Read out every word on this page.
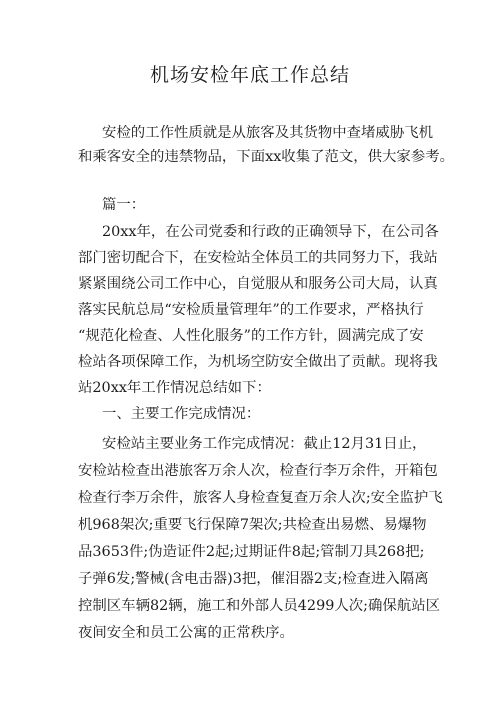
机场安检年底工作总结
安检的工作性质就是从旅客及其货物中查堵威胁飞机
和乘客安全的违禁物品，下面xx收集了范文，供大家参考。
篇一：
20xx年，在公司党委和行政的正确领导下，在公司各
部门密切配合下，在安检站全体员工的共同努力下，我站
紧紧围绕公司工作中心，自觉服从和服务公司大局，认真
落实民航总局“安检质量管理年”的工作要求，严格执行
“规范化检查、人性化服务”的工作方针，圆满完成了安
检站各项保障工作，为机场空防安全做出了贡献。现将我
站20xx年工作情况总结如下：
一、主要工作完成情况：
安检站主要业务工作完成情况：截止12月31日止，
安检站检查出港旅客万余人次，检查行李万余件，开箱包
检查行李万余件，旅客人身检查复查万余人次;安全监护飞
机968架次;重要飞行保障7架次;共检查出易燃、易爆物
品3653件;伪造证件2起;过期证件8起;管制刀具268把;
子弹6发;警械(含电击器)3把，催泪器2支;检查进入隔离
控制区车辆82辆，施工和外部人员4299人次;确保航站区
夜间安全和员工公寓的正常秩序。
